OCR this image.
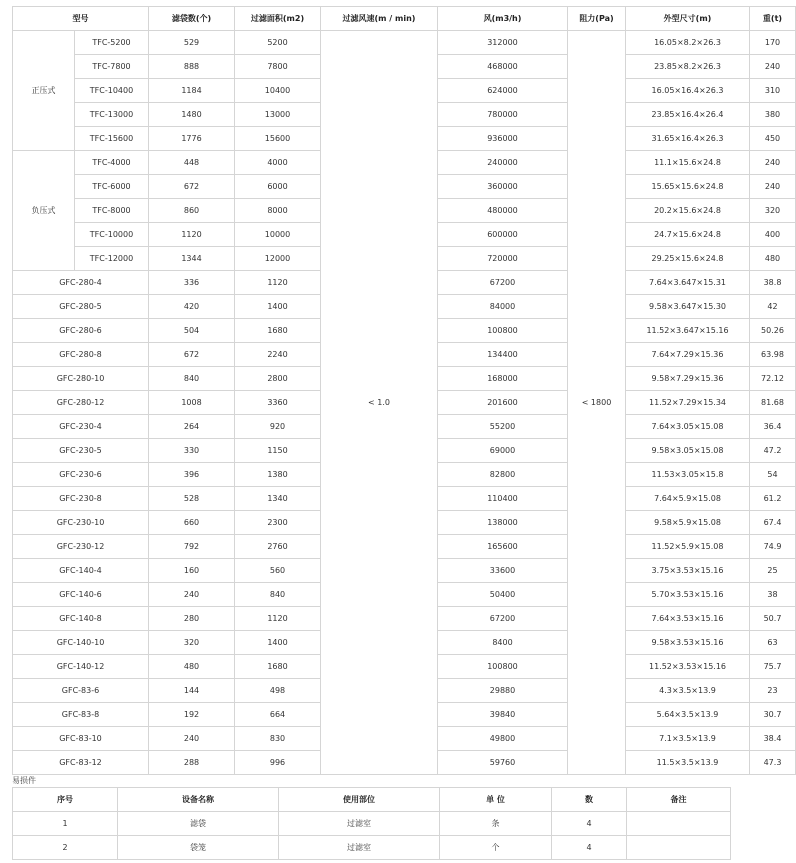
型号		滤袋数(个)	过滤面积(m2)	过滤风速(m / min)	风(m3/h)	阻力(Pa)	外型尺寸(m)	重(t)
正压式	TFC-5200	529	5200	< 1.0	312000	< 1800	16.05×8.2×26.3	170
	TFC-7800	888	7800		468000		23.85×8.2×26.3	240
	TFC-10400	1184	10400		624000		16.05×16.4×26.3	310
	TFC-13000	1480	13000		780000		23.85×16.4×26.4	380
	TFC-15600	1776	15600		936000		31.65×16.4×26.3	450
负压式	TFC-4000	448	4000		240000		11.1×15.6×24.8	240
	TFC-6000	672	6000		360000		15.65×15.6×24.8	240
	TFC-8000	860	8000		480000		20.2×15.6×24.8	320
	TFC-10000	1120	10000		600000		24.7×15.6×24.8	400
	TFC-12000	1344	12000		720000		29.25×15.6×24.8	480
GFC-280-4		336	1120		67200		7.64×3.647×15.31	38.8
GFC-280-5		420	1400		84000		9.58×3.647×15.30	42
GFC-280-6		504	1680		100800		11.52×3.647×15.16	50.26
GFC-280-8		672	2240		134400		7.64×7.29×15.36	63.98
GFC-280-10		840	2800		168000		9.58×7.29×15.36	72.12
GFC-280-12		1008	3360		201600		11.52×7.29×15.34	81.68
GFC-230-4		264	920		55200		7.64×3.05×15.08	36.4
GFC-230-5		330	1150		69000		9.58×3.05×15.08	47.2
GFC-230-6		396	1380		82800		11.53×3.05×15.8	54
GFC-230-8		528	1340		110400		7.64×5.9×15.08	61.2
GFC-230-10		660	2300		138000		9.58×5.9×15.08	67.4
GFC-230-12		792	2760		165600		11.52×5.9×15.08	74.9
GFC-140-4		160	560		33600		3.75×3.53×15.16	25
GFC-140-6		240	840		50400		5.70×3.53×15.16	38
GFC-140-8		280	1120		67200		7.64×3.53×15.16	50.7
GFC-140-10		320	1400		8400		9.58×3.53×15.16	63
GFC-140-12		480	1680		100800		11.52×3.53×15.16	75.7
GFC-83-6		144	498		29880		4.3×3.5×13.9	23
GFC-83-8		192	664		39840		5.64×3.5×13.9	30.7
GFC-83-10		240	830		49800		7.1×3.5×13.9	38.4
GFC-83-12		288	996		59760		11.5×3.5×13.9	47.3
易损件
序号	设备名称	使用部位	单 位	数	备注
1	滤袋	过滤室	条	4	
2	袋笼	过滤室	个	4	
